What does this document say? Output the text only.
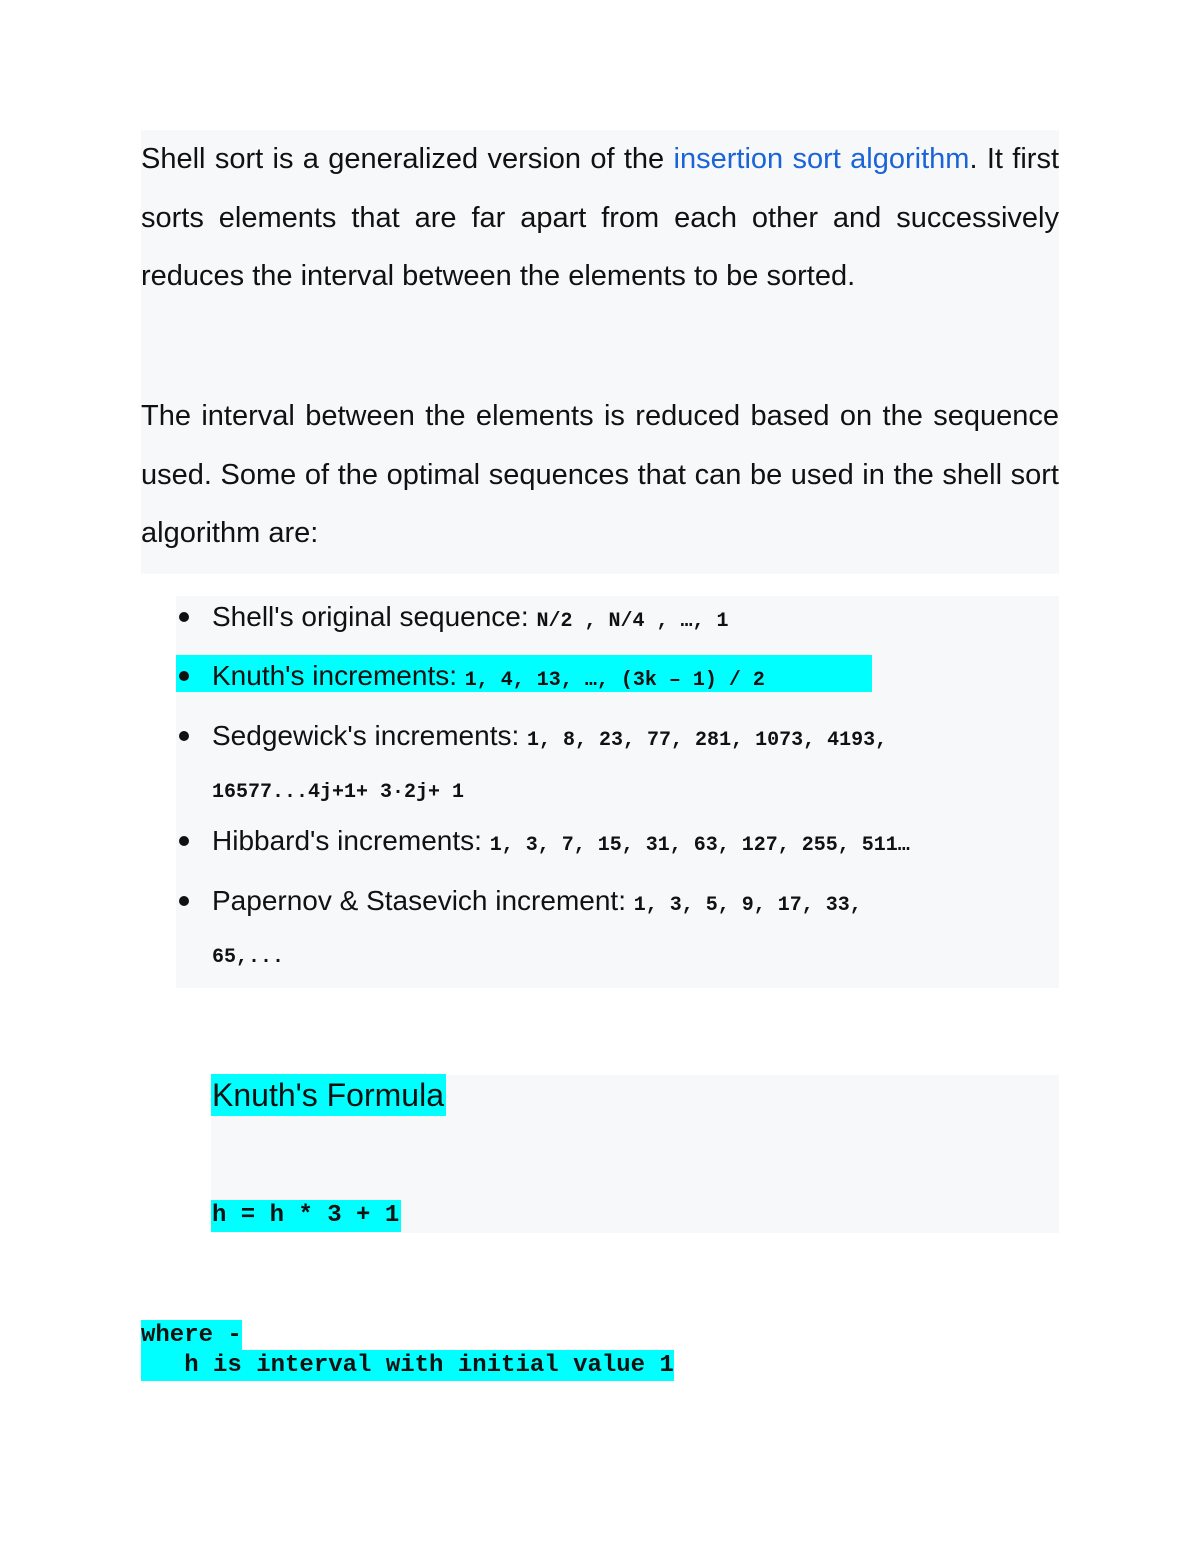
Shell sort is a generalized version of the insertion sort algorithm. It first sorts elements that are far apart from each other and successively reduces the interval between the elements to be sorted.

The interval between the elements is reduced based on the sequence used. Some of the optimal sequences that can be used in the shell sort algorithm are:

Shell's original sequence: N/2 , N/4 , …, 1
Knuth's increments: 1, 4, 13, …, (3k – 1) / 2
Sedgewick's increments: 1, 8, 23, 77, 281, 1073, 4193,
16577...4j+1+ 3·2j+ 1
Hibbard's increments: 1, 3, 7, 15, 31, 63, 127, 255, 511…
Papernov & Stasevich increment: 1, 3, 5, 9, 17, 33,
65,...
Knuth's Formula
h = h * 3 + 1
where -
h is interval with initial value 1
